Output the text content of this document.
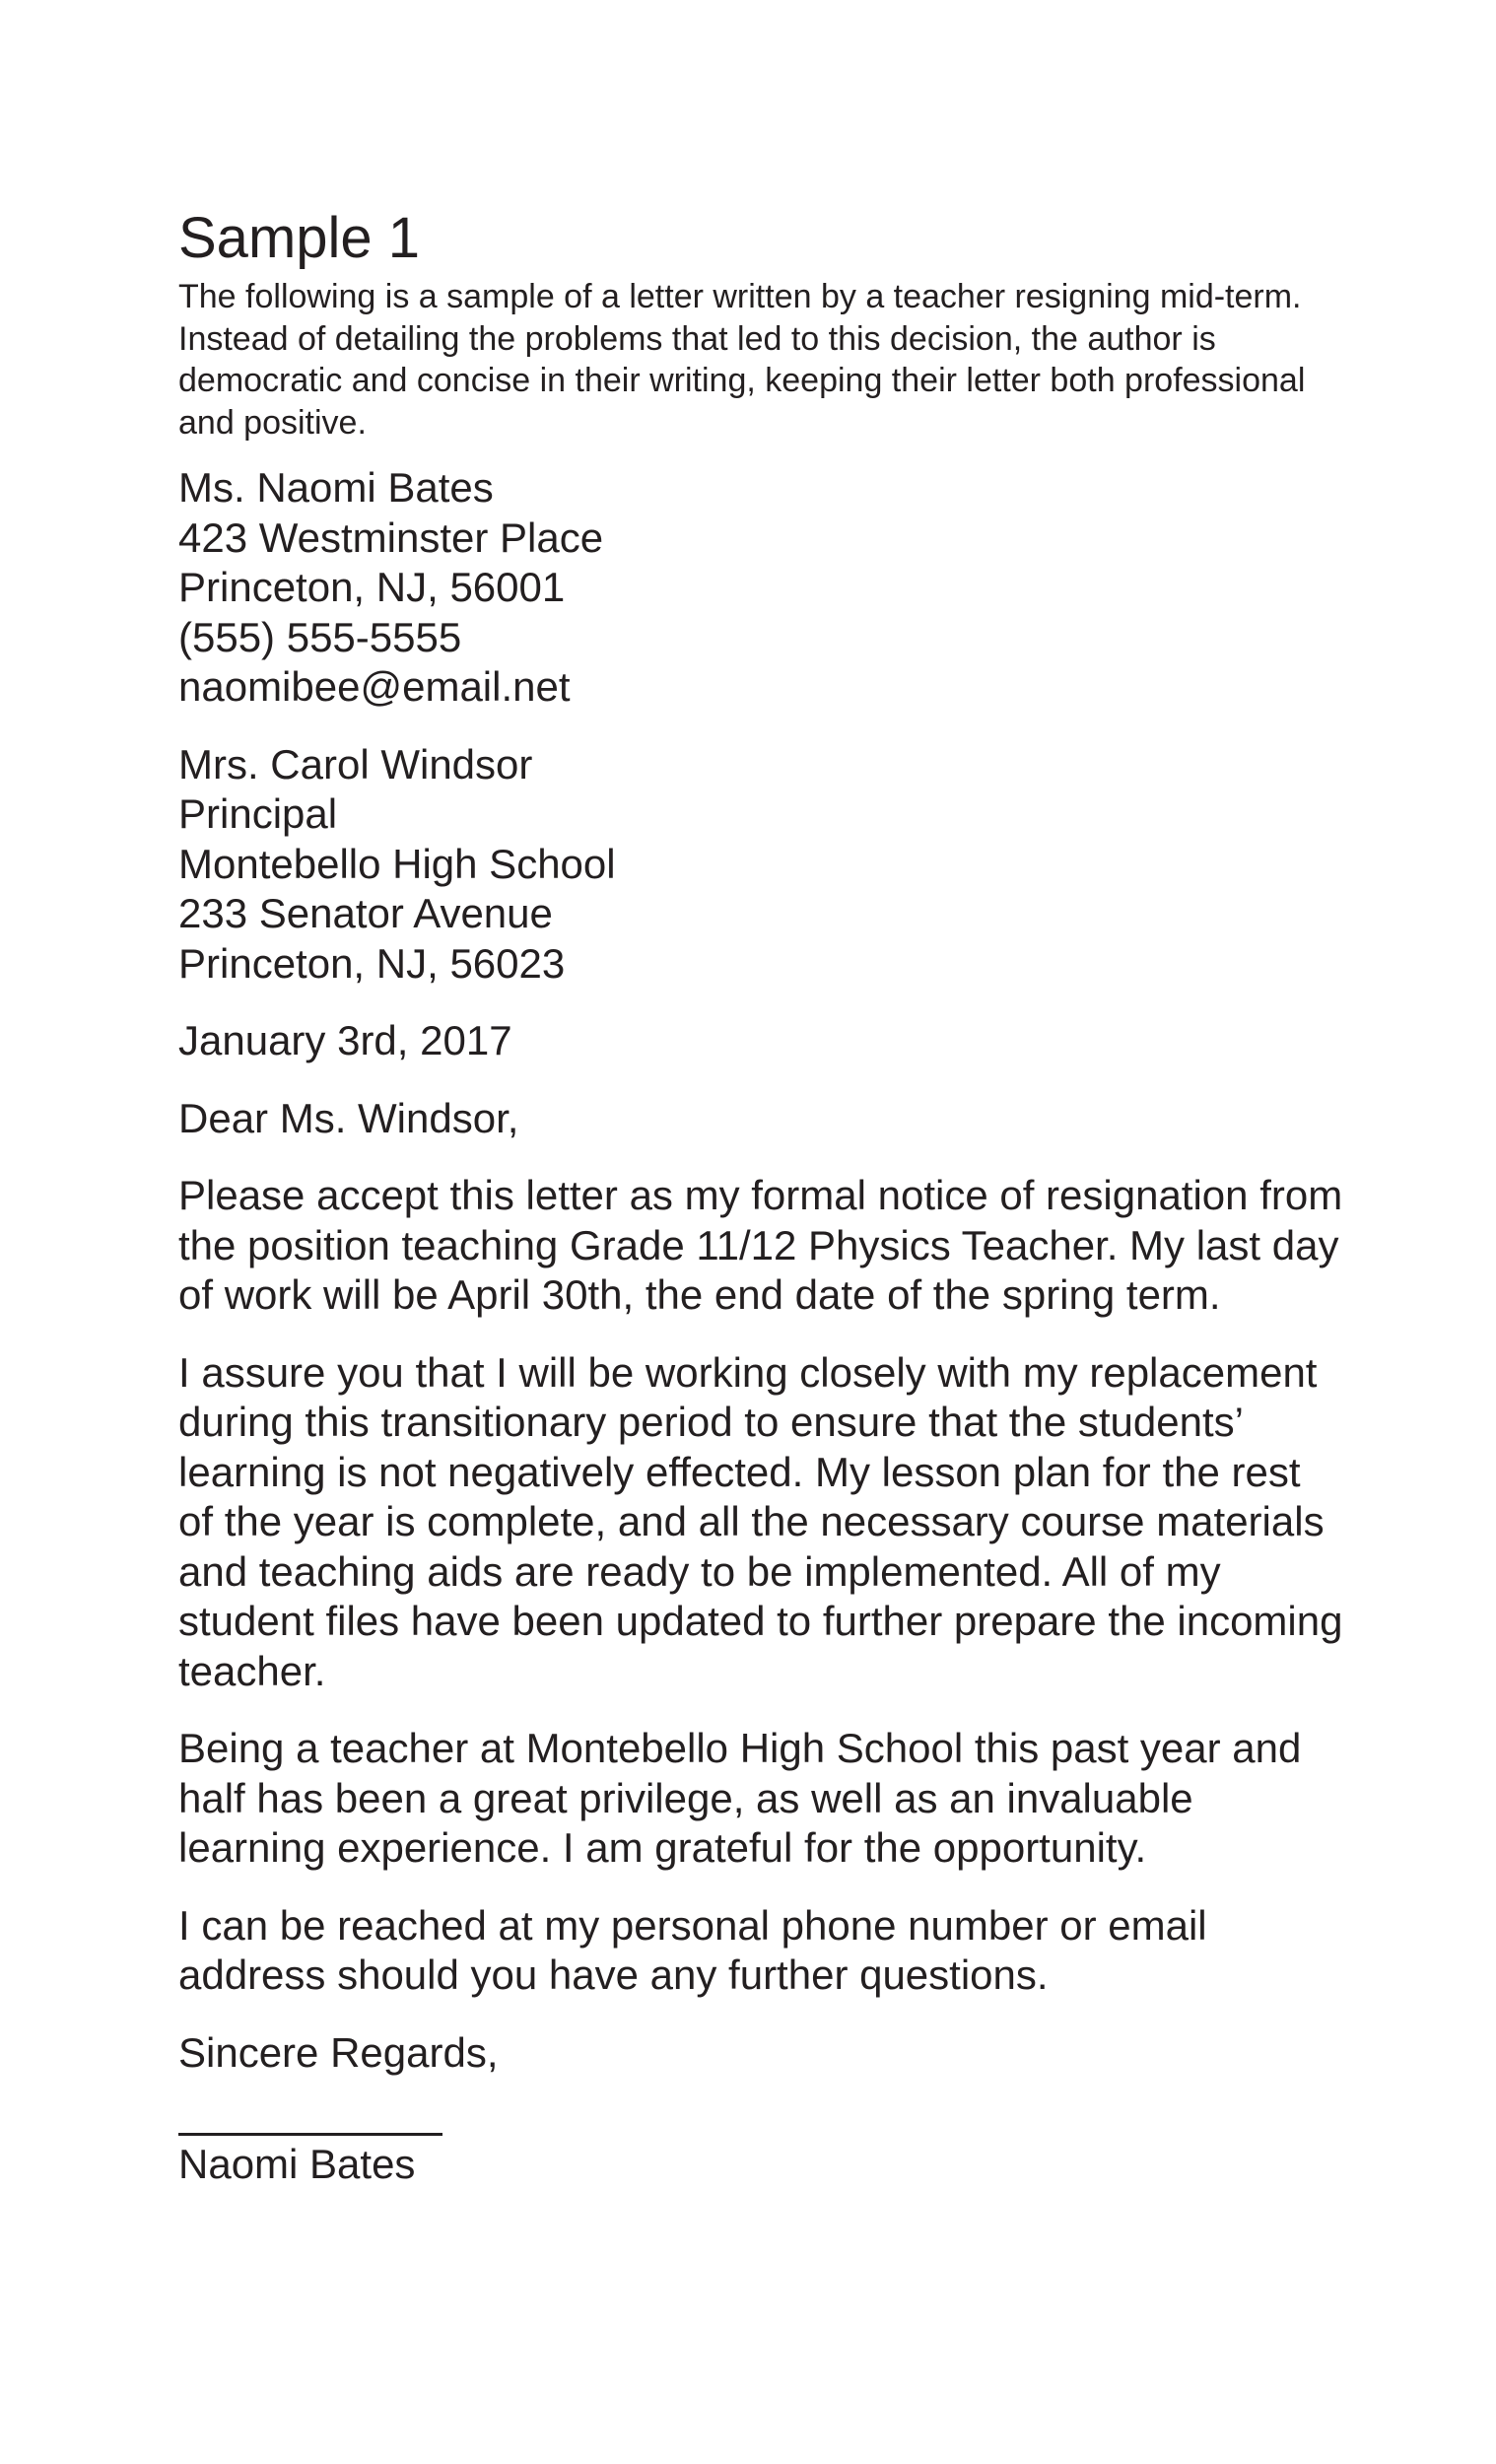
Sample 1

The following is a sample of a letter written by a teacher resigning mid-term. Instead of detailing the problems that led to this decision, the author is democratic and concise in their writing, keeping their letter both professional and positive.

Ms. Naomi Bates
423 Westminster Place
Princeton, NJ, 56001
(555) 555-5555
naomibee@email.net
Mrs. Carol Windsor
Principal
Montebello High School
233 Senator Avenue
Princeton, NJ, 56023
January 3rd, 2017
Dear Ms. Windsor,

Please accept this letter as my formal notice of resignation from the position teaching Grade 11/12 Physics Teacher. My last day of work will be April 30th, the end date of the spring term.

I assure you that I will be working closely with my replacement during this transitionary period to ensure that the students’ learning is not negatively effected. My lesson plan for the rest of the year is complete, and all the necessary course materials and teaching aids are ready to be implemented. All of my student files have been updated to further prepare the incoming teacher.

Being a teacher at Montebello High School this past year and half has been a great privilege, as well as an invaluable learning experience. I am grateful for the opportunity.

I can be reached at my personal phone number or email address should you have any further questions.

Sincere Regards,
Naomi Bates
